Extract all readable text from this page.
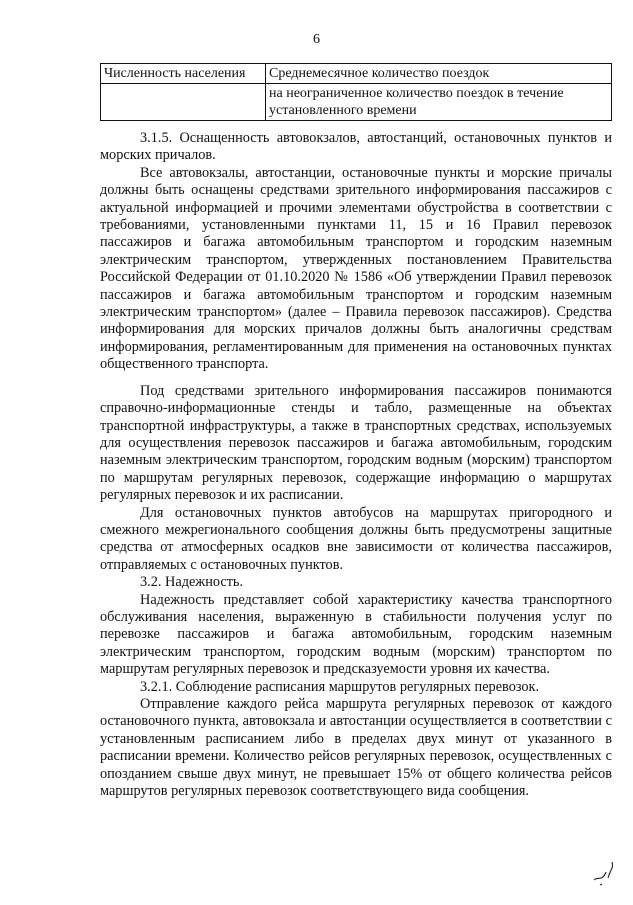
6
Численность населения	Среднемесячное количество поездок
	на неограниченное количество поездок в течение установленного времени

3.1.5. Оснащенность автовокзалов, автостанций, остановочных пунктов и морских причалов.

Все автовокзалы, автостанции, остановочные пункты и морские причалы должны быть оснащены средствами зрительного информирования пассажиров с актуальной информацией и прочими элементами обустройства в соответствии с требованиями, установленными пунктами 11, 15 и 16 Правил перевозок пассажиров и багажа автомобильным транспортом и городским наземным электрическим транспортом, утвержденных постановлением Правительства Российской Федерации от 01.10.2020 № 1586 «Об утверждении Правил перевозок пассажиров и багажа автомобильным транспортом и городским наземным электрическим транспортом» (далее – Правила перевозок пассажиров). Средства информирования для морских причалов должны быть аналогичны средствам информирования, регламентированным для применения на остановочных пунктах общественного транспорта.

Под средствами зрительного информирования пассажиров понимаются справочно-информационные стенды и табло, размещенные на объектах транспортной инфраструктуры, а также в транспортных средствах, используемых для осуществления перевозок пассажиров и багажа автомобильным, городским наземным электрическим транспортом, городским водным (морским) транспортом по маршрутам регулярных перевозок, содержащие информацию о маршрутах регулярных перевозок и их расписании.

Для остановочных пунктов автобусов на маршрутах пригородного и смежного межрегионального сообщения должны быть предусмотрены защитные средства от атмосферных осадков вне зависимости от количества пассажиров, отправляемых с остановочных пунктов.

3.2. Надежность.

Надежность представляет собой характеристику качества транспортного обслуживания населения, выраженную в стабильности получения услуг по перевозке пассажиров и багажа автомобильным, городским наземным электрическим транспортом, городским водным (морским) транспортом по маршрутам регулярных перевозок и предсказуемости уровня их качества.

3.2.1. Соблюдение расписания маршрутов регулярных перевозок.

Отправление каждого рейса маршрута регулярных перевозок от каждого остановочного пункта, автовокзала и автостанции осуществляется в соответствии с установленным расписанием либо в пределах двух минут от указанного в расписании времени. Количество рейсов регулярных перевозок, осуществленных с опозданием свыше двух минут, не превышает 15% от общего количества рейсов маршрутов регулярных перевозок соответствующего вида сообщения.
